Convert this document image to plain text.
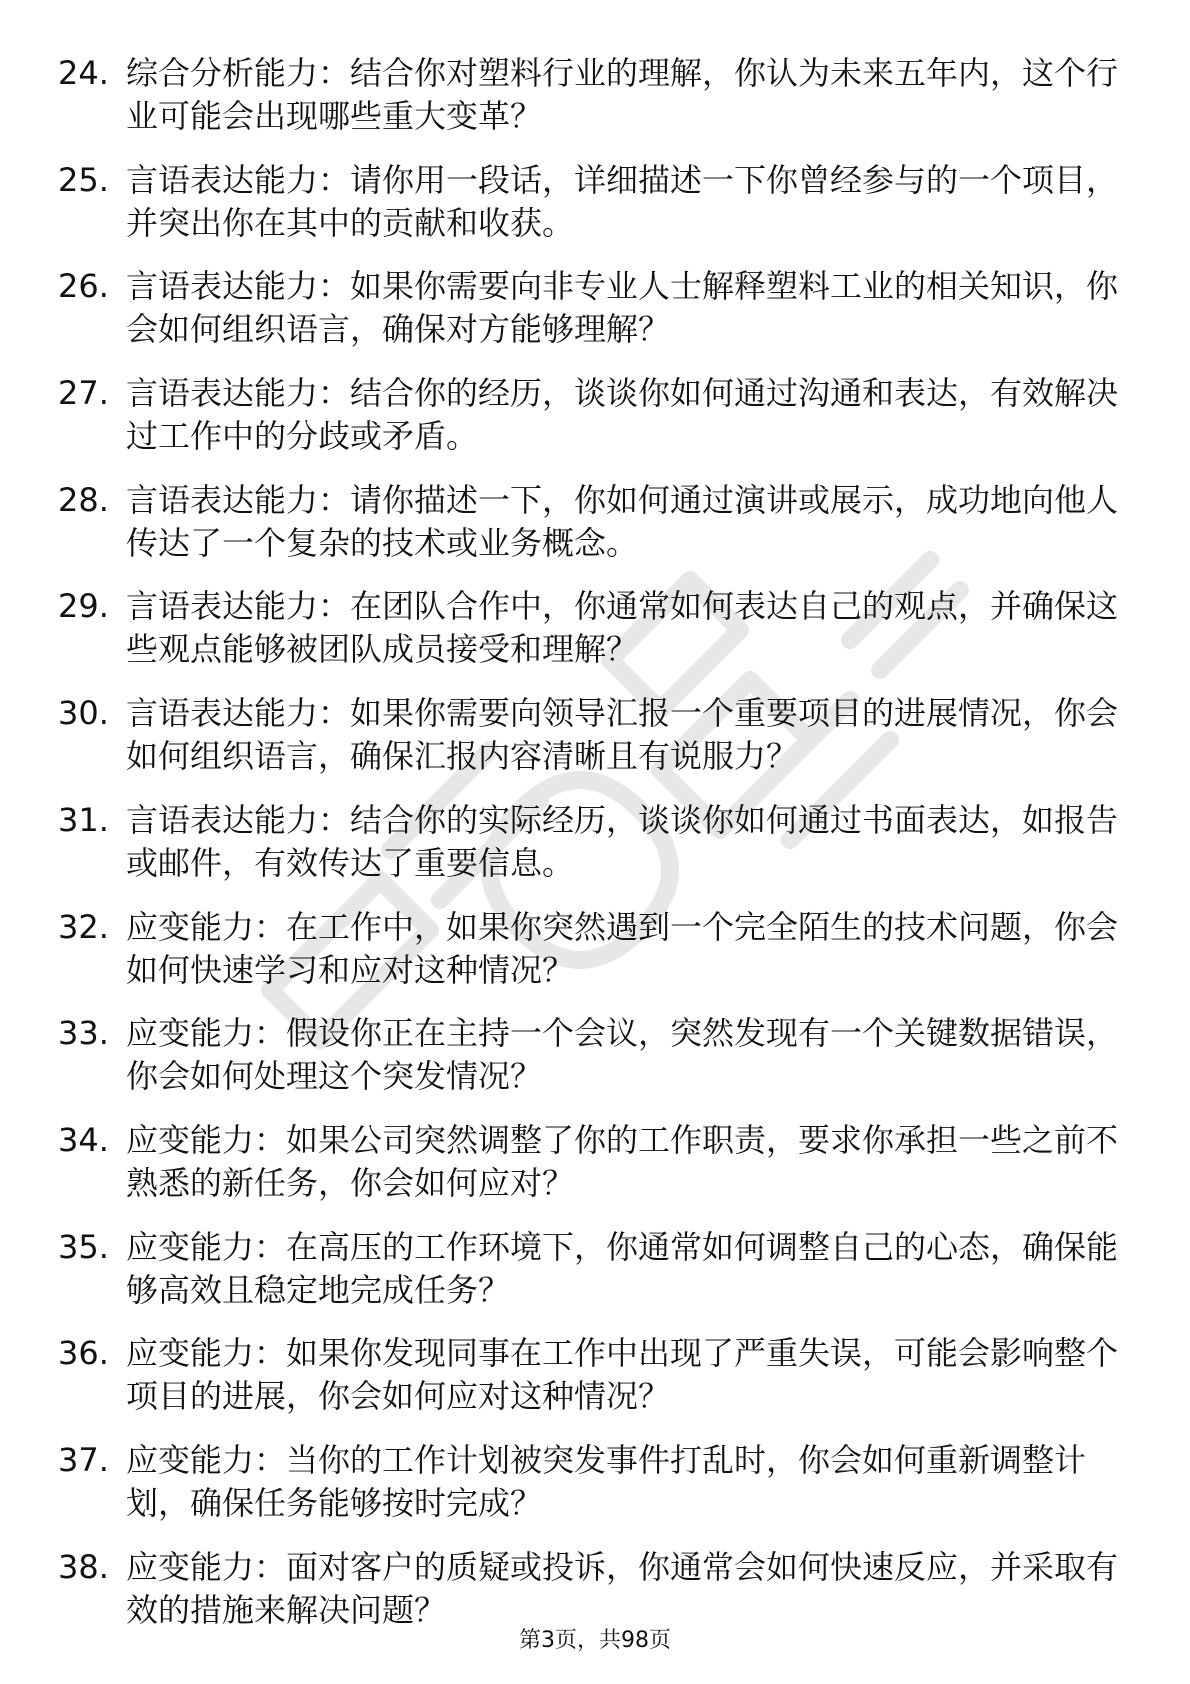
24. 综合分析能力：结合你对塑料行业的理解，你认为未来五年内，这个行业可能会出现哪些重大变革？
25. 言语表达能力：请你用一段话，详细描述一下你曾经参与的一个项目，并突出你在其中的贡献和收获。
26. 言语表达能力：如果你需要向非专业人士解释塑料工业的相关知识，你会如何组织语言，确保对方能够理解？
27. 言语表达能力：结合你的经历，谈谈你如何通过沟通和表达，有效解决过工作中的分歧或矛盾。
28. 言语表达能力：请你描述一下，你如何通过演讲或展示，成功地向他人传达了一个复杂的技术或业务概念。
29. 言语表达能力：在团队合作中，你通常如何表达自己的观点，并确保这些观点能够被团队成员接受和理解？
30. 言语表达能力：如果你需要向领导汇报一个重要项目的进展情况，你会如何组织语言，确保汇报内容清晰且有说服力？
31. 言语表达能力：结合你的实际经历，谈谈你如何通过书面表达，如报告或邮件，有效传达了重要信息。
32. 应变能力：在工作中，如果你突然遇到一个完全陌生的技术问题，你会如何快速学习和应对这种情况？
33. 应变能力：假设你正在主持一个会议，突然发现有一个关键数据错误，你会如何处理这个突发情况？
34. 应变能力：如果公司突然调整了你的工作职责，要求你承担一些之前不熟悉的新任务，你会如何应对？
35. 应变能力：在高压的工作环境下，你通常如何调整自己的心态，确保能够高效且稳定地完成任务？
36. 应变能力：如果你发现同事在工作中出现了严重失误，可能会影响整个项目的进展，你会如何应对这种情况？
37. 应变能力：当你的工作计划被突发事件打乱时，你会如何重新调整计划，确保任务能够按时完成？
38. 应变能力：面对客户的质疑或投诉，你通常会如何快速反应，并采取有效的措施来解决问题？
第3页，共98页
